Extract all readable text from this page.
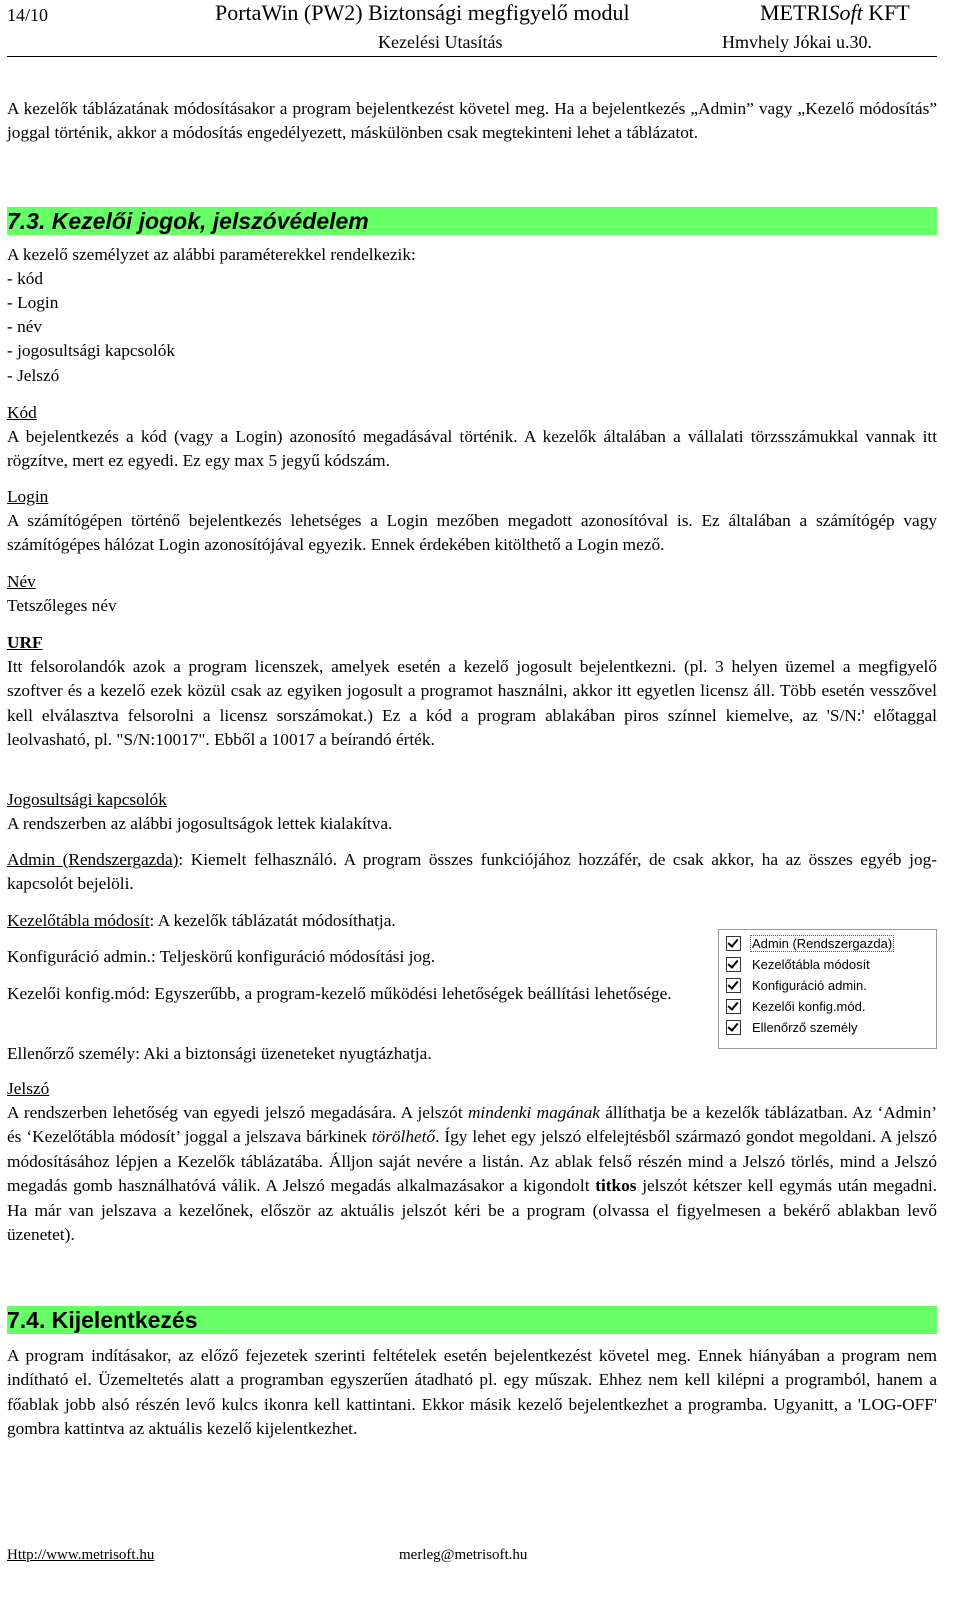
14/10	PortaWin (PW2) Biztonsági megfigyelő modul	METRISoft KFT
Kezelési Utasítás	Hmvhely Jókai u.30.
A kezelők táblázatának módosításakor a program bejelentkezést követel meg. Ha a bejelentkezés „Admin” vagy „Kezelő módosítás” joggal történik, akkor a módosítás engedélyezett, máskülönben csak megtekinteni lehet a táblázatot.
7.3. Kezelői jogok, jelszóvédelem
A kezelő személyzet az alábbi paraméterekkel rendelkezik:
- kód
- Login
- név
- jogosultsági kapcsolók
- Jelszó
Kód
A bejelentkezés a kód (vagy a Login) azonosító megadásával történik. A kezelők általában a vállalati törzsszámukkal vannak itt rögzítve, mert ez egyedi. Ez egy max 5 jegyű kódszám.
Login
A számítógépen történő bejelentkezés lehetséges a Login mezőben megadott azonosítóval is. Ez általában a számítógép vagy számítógépes hálózat Login azonosítójával egyezik. Ennek érdekében kitölthető a Login mező.
Név
Tetszőleges név
URF
Itt felsorolandók azok a program licenszek, amelyek esetén a kezelő jogosult bejelentkezni. (pl. 3 helyen üzemel a megfigyelő szoftver és a kezelő ezek közül csak az egyiken jogosult a programot használni, akkor itt egyetlen licensz áll. Több esetén vesszővel kell elválasztva felsorolni a licensz sorszámokat.) Ez a kód a program ablakában piros színnel kiemelve, az 'S/N:' előtaggal leolvasható, pl. "S/N:10017". Ebből a 10017 a beírandó érték.
Jogosultsági kapcsolók
A rendszerben az alábbi jogosultságok lettek kialakítva.
Admin (Rendszergazda): Kiemelt felhasználó. A program összes funkciójához hozzáfér, de csak akkor, ha az összes egyéb jog-kapcsolót bejelöli.
Kezelőtábla módosít: A kezelők táblázatát módosíthatja.
Konfiguráció admin.: Teljeskörű konfiguráció módosítási jog.
Kezelői konfig.mód: Egyszerűbb, a program-kezelő működési lehetőségek beállítási lehetősége.
Ellenőrző személy: Aki a biztonsági üzeneteket nyugtázhatja.
Admin (Rendszergazda)
Kezelőtábla módosít
Konfiguráció admin.
Kezelői konfig.mód.
Ellenőrző személy
Jelszó
A rendszerben lehetőség van egyedi jelszó megadására. A jelszót mindenki magának állíthatja be a kezelők táblázatban. Az ‘Admin’ és ‘Kezelőtábla módosít’ joggal a jelszava bárkinek törölhető. Így lehet egy jelszó elfelejtésből származó gondot megoldani. A jelszó módosításához lépjen a Kezelők táblázatába. Álljon saját nevére a listán. Az ablak felső részén mind a Jelszó törlés, mind a Jelszó megadás gomb használhatóvá válik. A Jelszó megadás alkalmazásakor a kigondolt titkos jelszót kétszer kell egymás után megadni. Ha már van jelszava a kezelőnek, először az aktuális jelszót kéri be a program (olvassa el figyelmesen a bekérő ablakban levő üzenetet).
7.4. Kijelentkezés
A program indításakor, az előző fejezetek szerinti feltételek esetén bejelentkezést követel meg. Ennek hiányában a program nem indítható el. Üzemeltetés alatt a programban egyszerűen átadható pl. egy műszak. Ehhez nem kell kilépni a programból, hanem a főablak jobb alsó részén levő kulcs ikonra kell kattintani. Ekkor másik kezelő bejelentkezhet a programba. Ugyanitt, a 'LOG-OFF' gombra kattintva az aktuális kezelő kijelentkezhet.
Http://www.metrisoft.hu	merleg@metrisoft.hu
